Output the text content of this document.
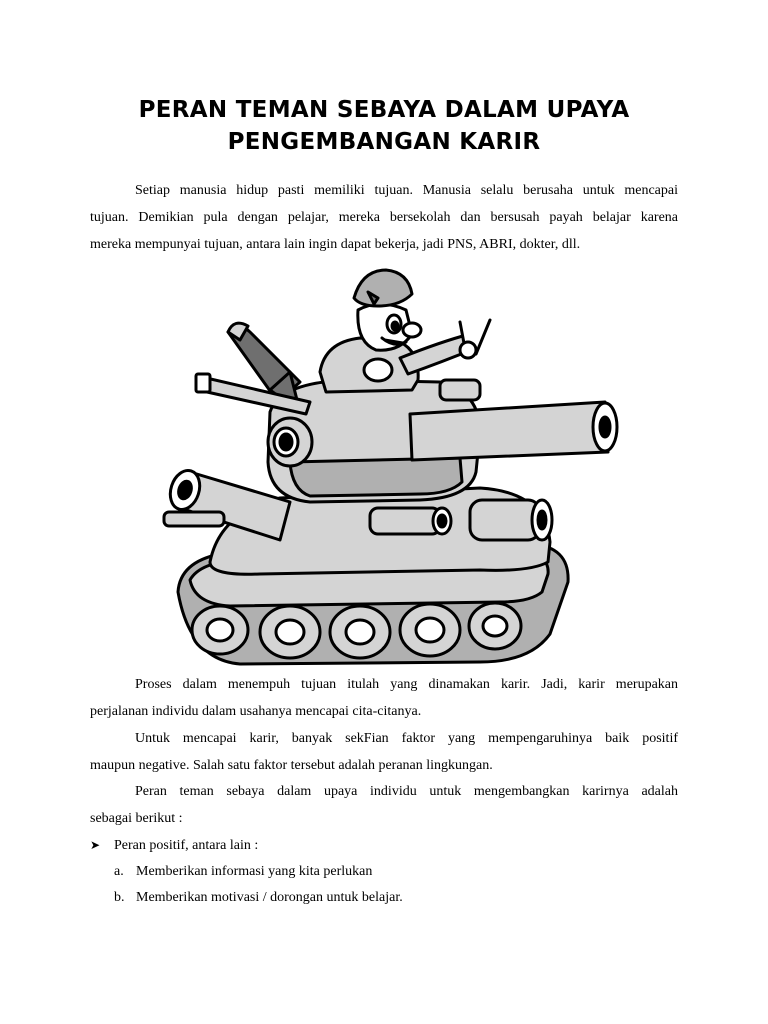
PERAN TEMAN SEBAYA DALAM UPAYA
PENGEMBANGAN KARIR

Setiap manusia hidup pasti memiliki tujuan. Manusia selalu berusaha untuk mencapai
tujuan. Demikian pula dengan pelajar, mereka bersekolah dan bersusah payah belajar karena
mereka mempunyai tujuan, antara lain ingin dapat bekerja, jadi PNS, ABRI, dokter, dll.

Proses dalam menempuh tujuan itulah yang dinamakan karir. Jadi, karir merupakan
perjalanan individu dalam usahanya mencapai cita-citanya.

Untuk mencapai karir, banyak sekFian faktor yang mempengaruhinya baik positif
maupun negative. Salah satu faktor tersebut adalah peranan lingkungan.

Peran teman sebaya dalam upaya individu untuk mengembangkan karirnya adalah
sebagai berikut :

➤ Peran positif, antara lain :
a. Memberikan informasi yang kita perlukan
b. Memberikan motivasi / dorongan untuk belajar.
